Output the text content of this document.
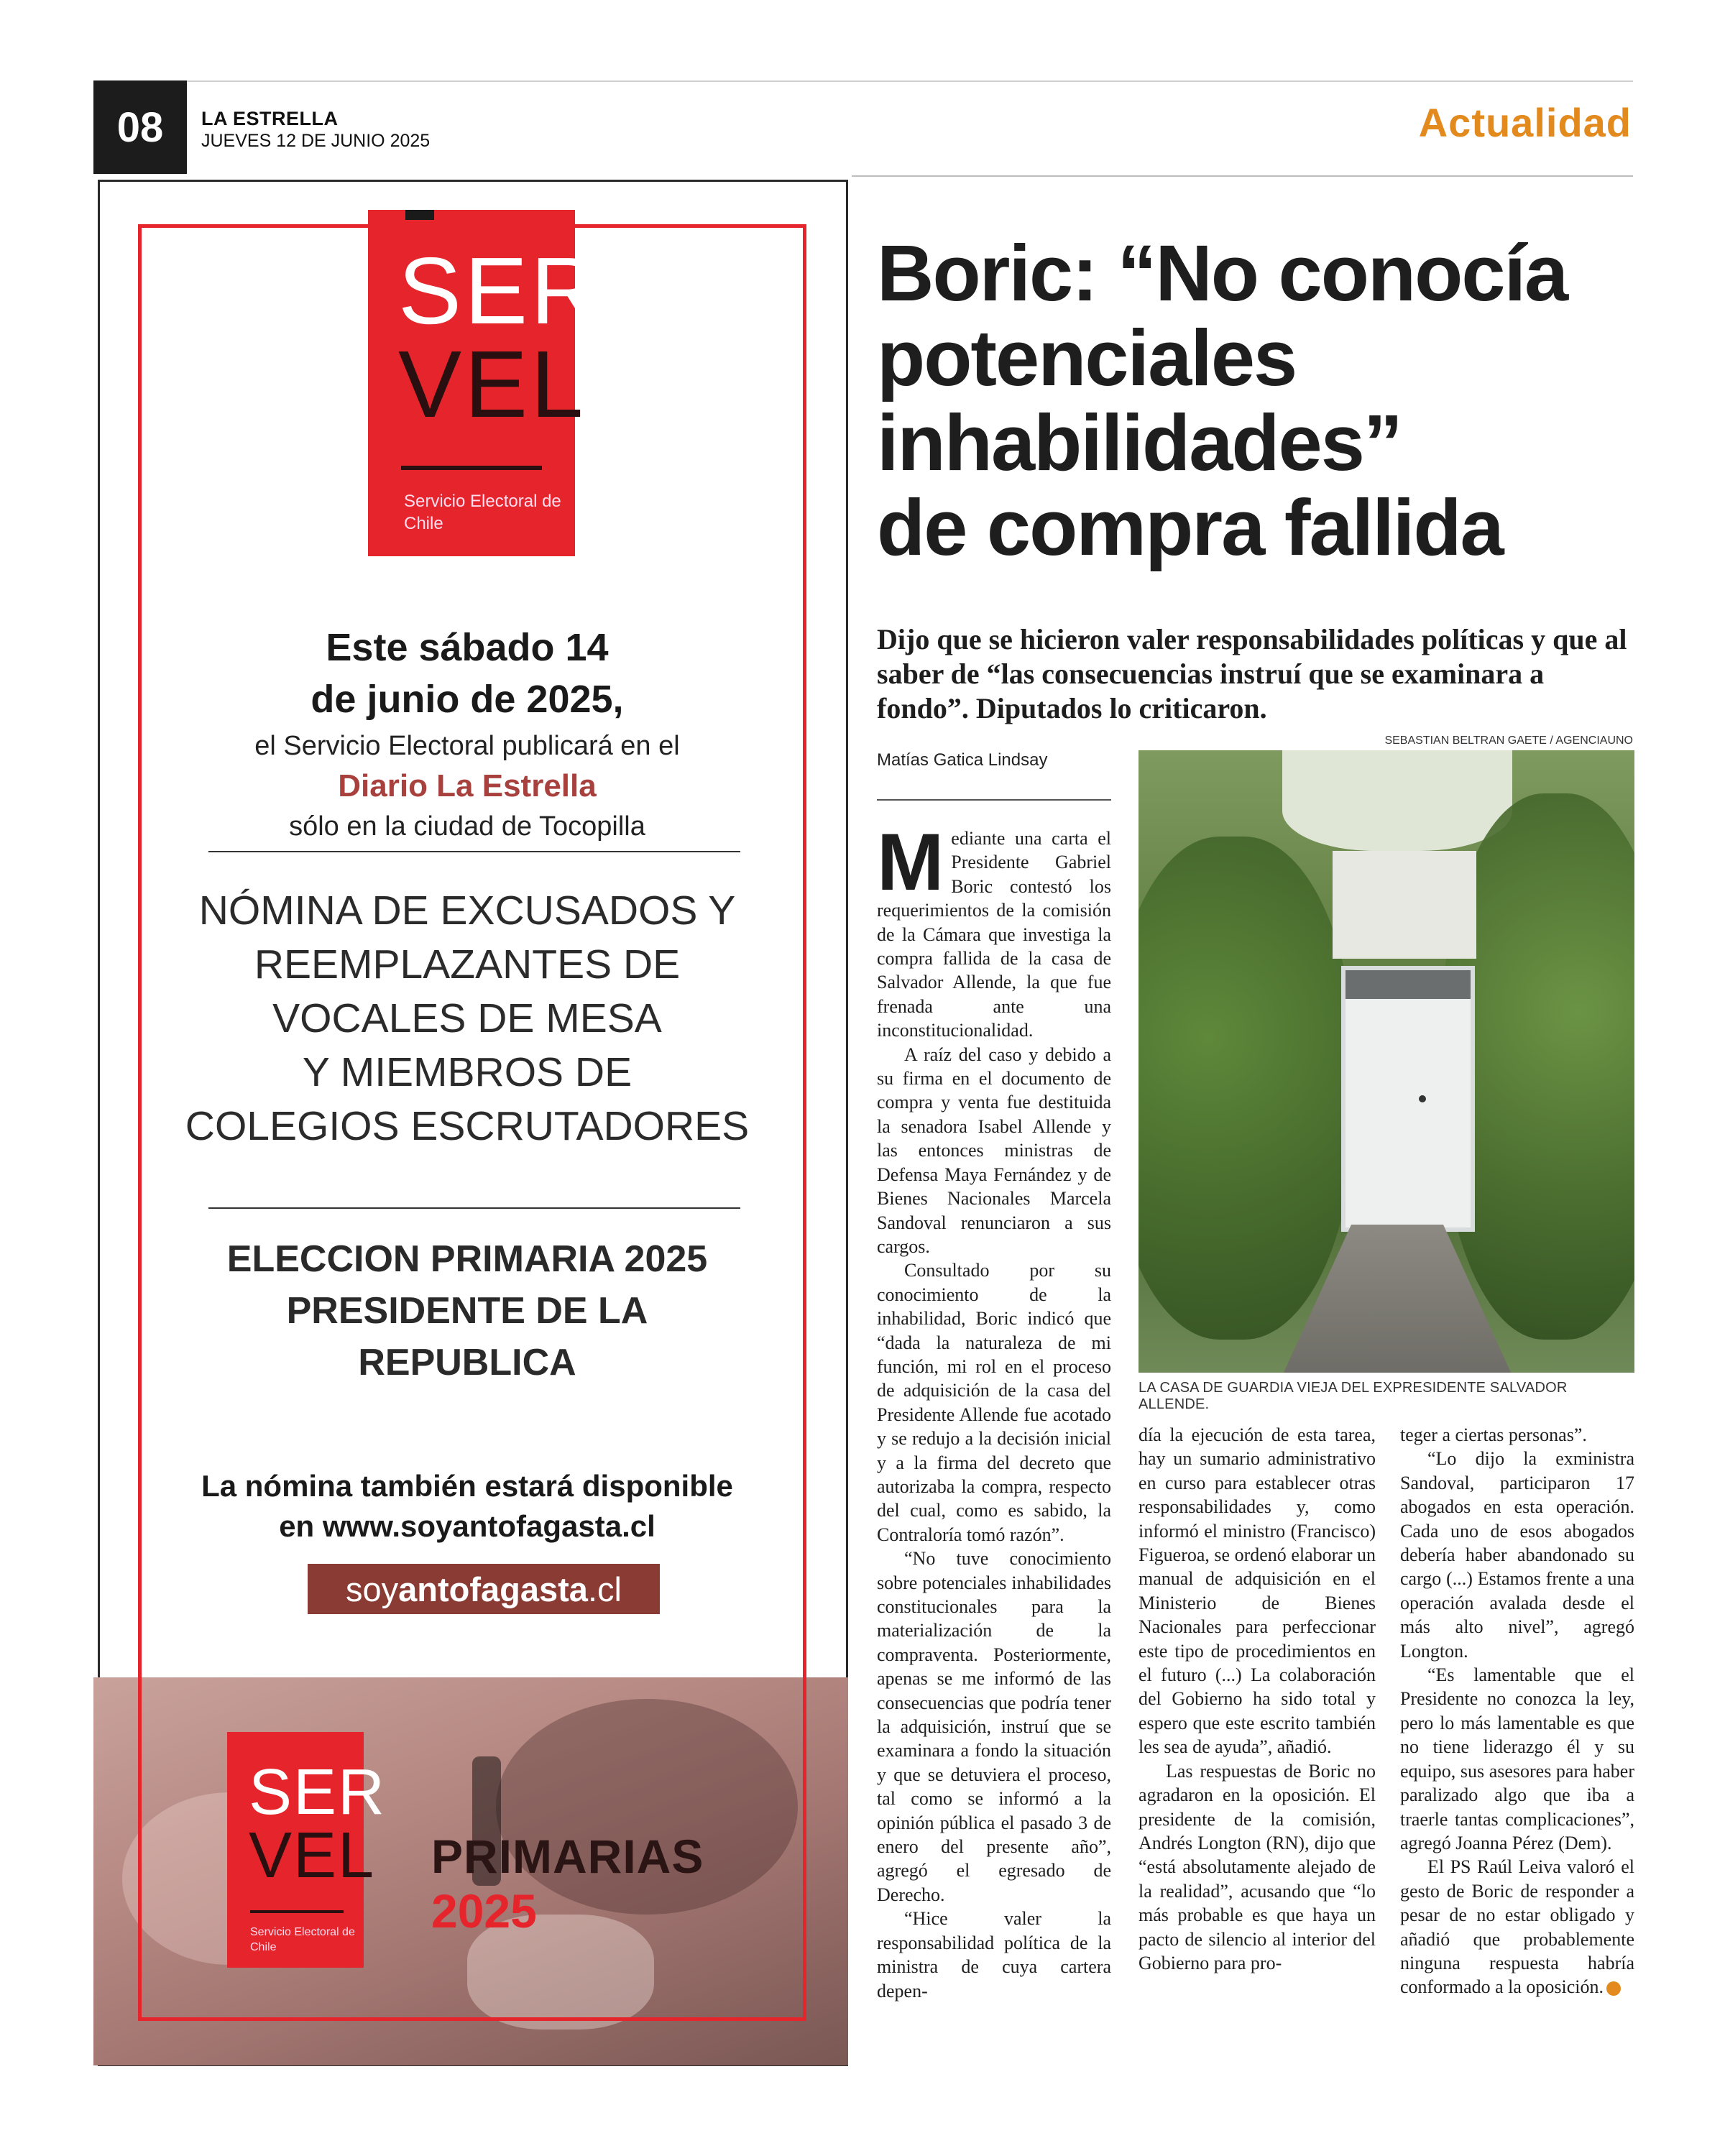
08	LA ESTRELLA
JUEVES 12 DE JUNIO 2025	Actualidad
SER
VEL
Servicio Electoral de Chile
Este sábado 14
de junio de 2025,
el Servicio Electoral publicará en el
Diario La Estrella
sólo en la ciudad de Tocopilla
NÓMINA DE EXCUSADOS Y
REEMPLAZANTES DE
VOCALES DE MESA
Y MIEMBROS DE
COLEGIOS ESCRUTADORES
ELECCION PRIMARIA 2025
PRESIDENTE DE LA
REPUBLICA
La nómina también estará disponible
en www.soyantofagasta.cl
soy antofagasta .cl
SER
VEL
Servicio Electoral de Chile
PRIMARIAS
2025
Boric: “No conocía
potenciales
inhabilidades”
de compra fallida
Dijo que se hicieron valer responsabilidades políticas y que al saber de “las consecuencias instruí que se examinara a fondo”. Diputados lo criticaron.
SEBASTIAN BELTRAN GAETE / AGENCIAUNO
Matías Gatica Lindsay
LA CASA DE GUARDIA VIEJA DEL EXPRESIDENTE SALVADOR ALLENDE.

Mediante una carta el Presidente Gabriel Boric contestó los requerimientos de la comisión de la Cámara que investiga la compra fallida de la casa de Salvador Allende, la que fue frenada ante una inconstitucionalidad.

A raíz del caso y debido a su firma en el documento de compra y venta fue destituida la senadora Isabel Allende y las entonces ministras de Defensa Maya Fernández y de Bienes Nacionales Marcela Sandoval renunciaron a sus cargos.

Consultado por su conocimiento de la inhabilidad, Boric indicó que “dada la naturaleza de mi función, mi rol en el proceso de adquisición de la casa del Presidente Allende fue acotado y se redujo a la decisión inicial y a la firma del decreto que autorizaba la compra, respecto del cual, como es sabido, la Contraloría tomó razón”.

“No tuve conocimiento sobre potenciales inhabilidades constitucionales para la materialización de la compraventa. Posteriormente, apenas se me informó de las consecuencias que podría tener la adquisición, instruí que se examinara a fondo la situación y que se detuviera el proceso, tal como se informó a la opinión pública el pasado 3 de enero del presente año”, agregó el egresado de Derecho.

“Hice valer la responsabilidad política de la ministra de cuya cartera depen-

día la ejecución de esta tarea, hay un sumario administrativo en curso para establecer otras responsabilidades y, como informó el ministro (Francisco) Figueroa, se ordenó elaborar un manual de adquisición en el Ministerio de Bienes Nacionales para perfeccionar este tipo de procedimientos en el futuro (...) La colaboración del Gobierno ha sido total y espero que este escrito también les sea de ayuda”, añadió.

Las respuestas de Boric no agradaron en la oposición. El presidente de la comisión, Andrés Longton (RN), dijo que “está absolutamente alejado de la realidad”, acusando que “lo más probable es que haya un pacto de silencio al interior del Gobierno para pro-

teger a ciertas personas”.

“Lo dijo la exministra Sandoval, participaron 17 abogados en esta operación. Cada uno de esos abogados debería haber abandonado su cargo (...) Estamos frente a una operación avalada desde el más alto nivel”, agregó Longton.

“Es lamentable que el Presidente no conozca la ley, pero lo más lamentable es que no tiene liderazgo él y su equipo, sus asesores para haber paralizado algo que iba a traerle tantas complicaciones”, agregó Joanna Pérez (Dem).

El PS Raúl Leiva valoró el gesto de Boric de responder a pesar de no estar obligado y añadió que probablemente ninguna respuesta habría conformado a la oposición.
